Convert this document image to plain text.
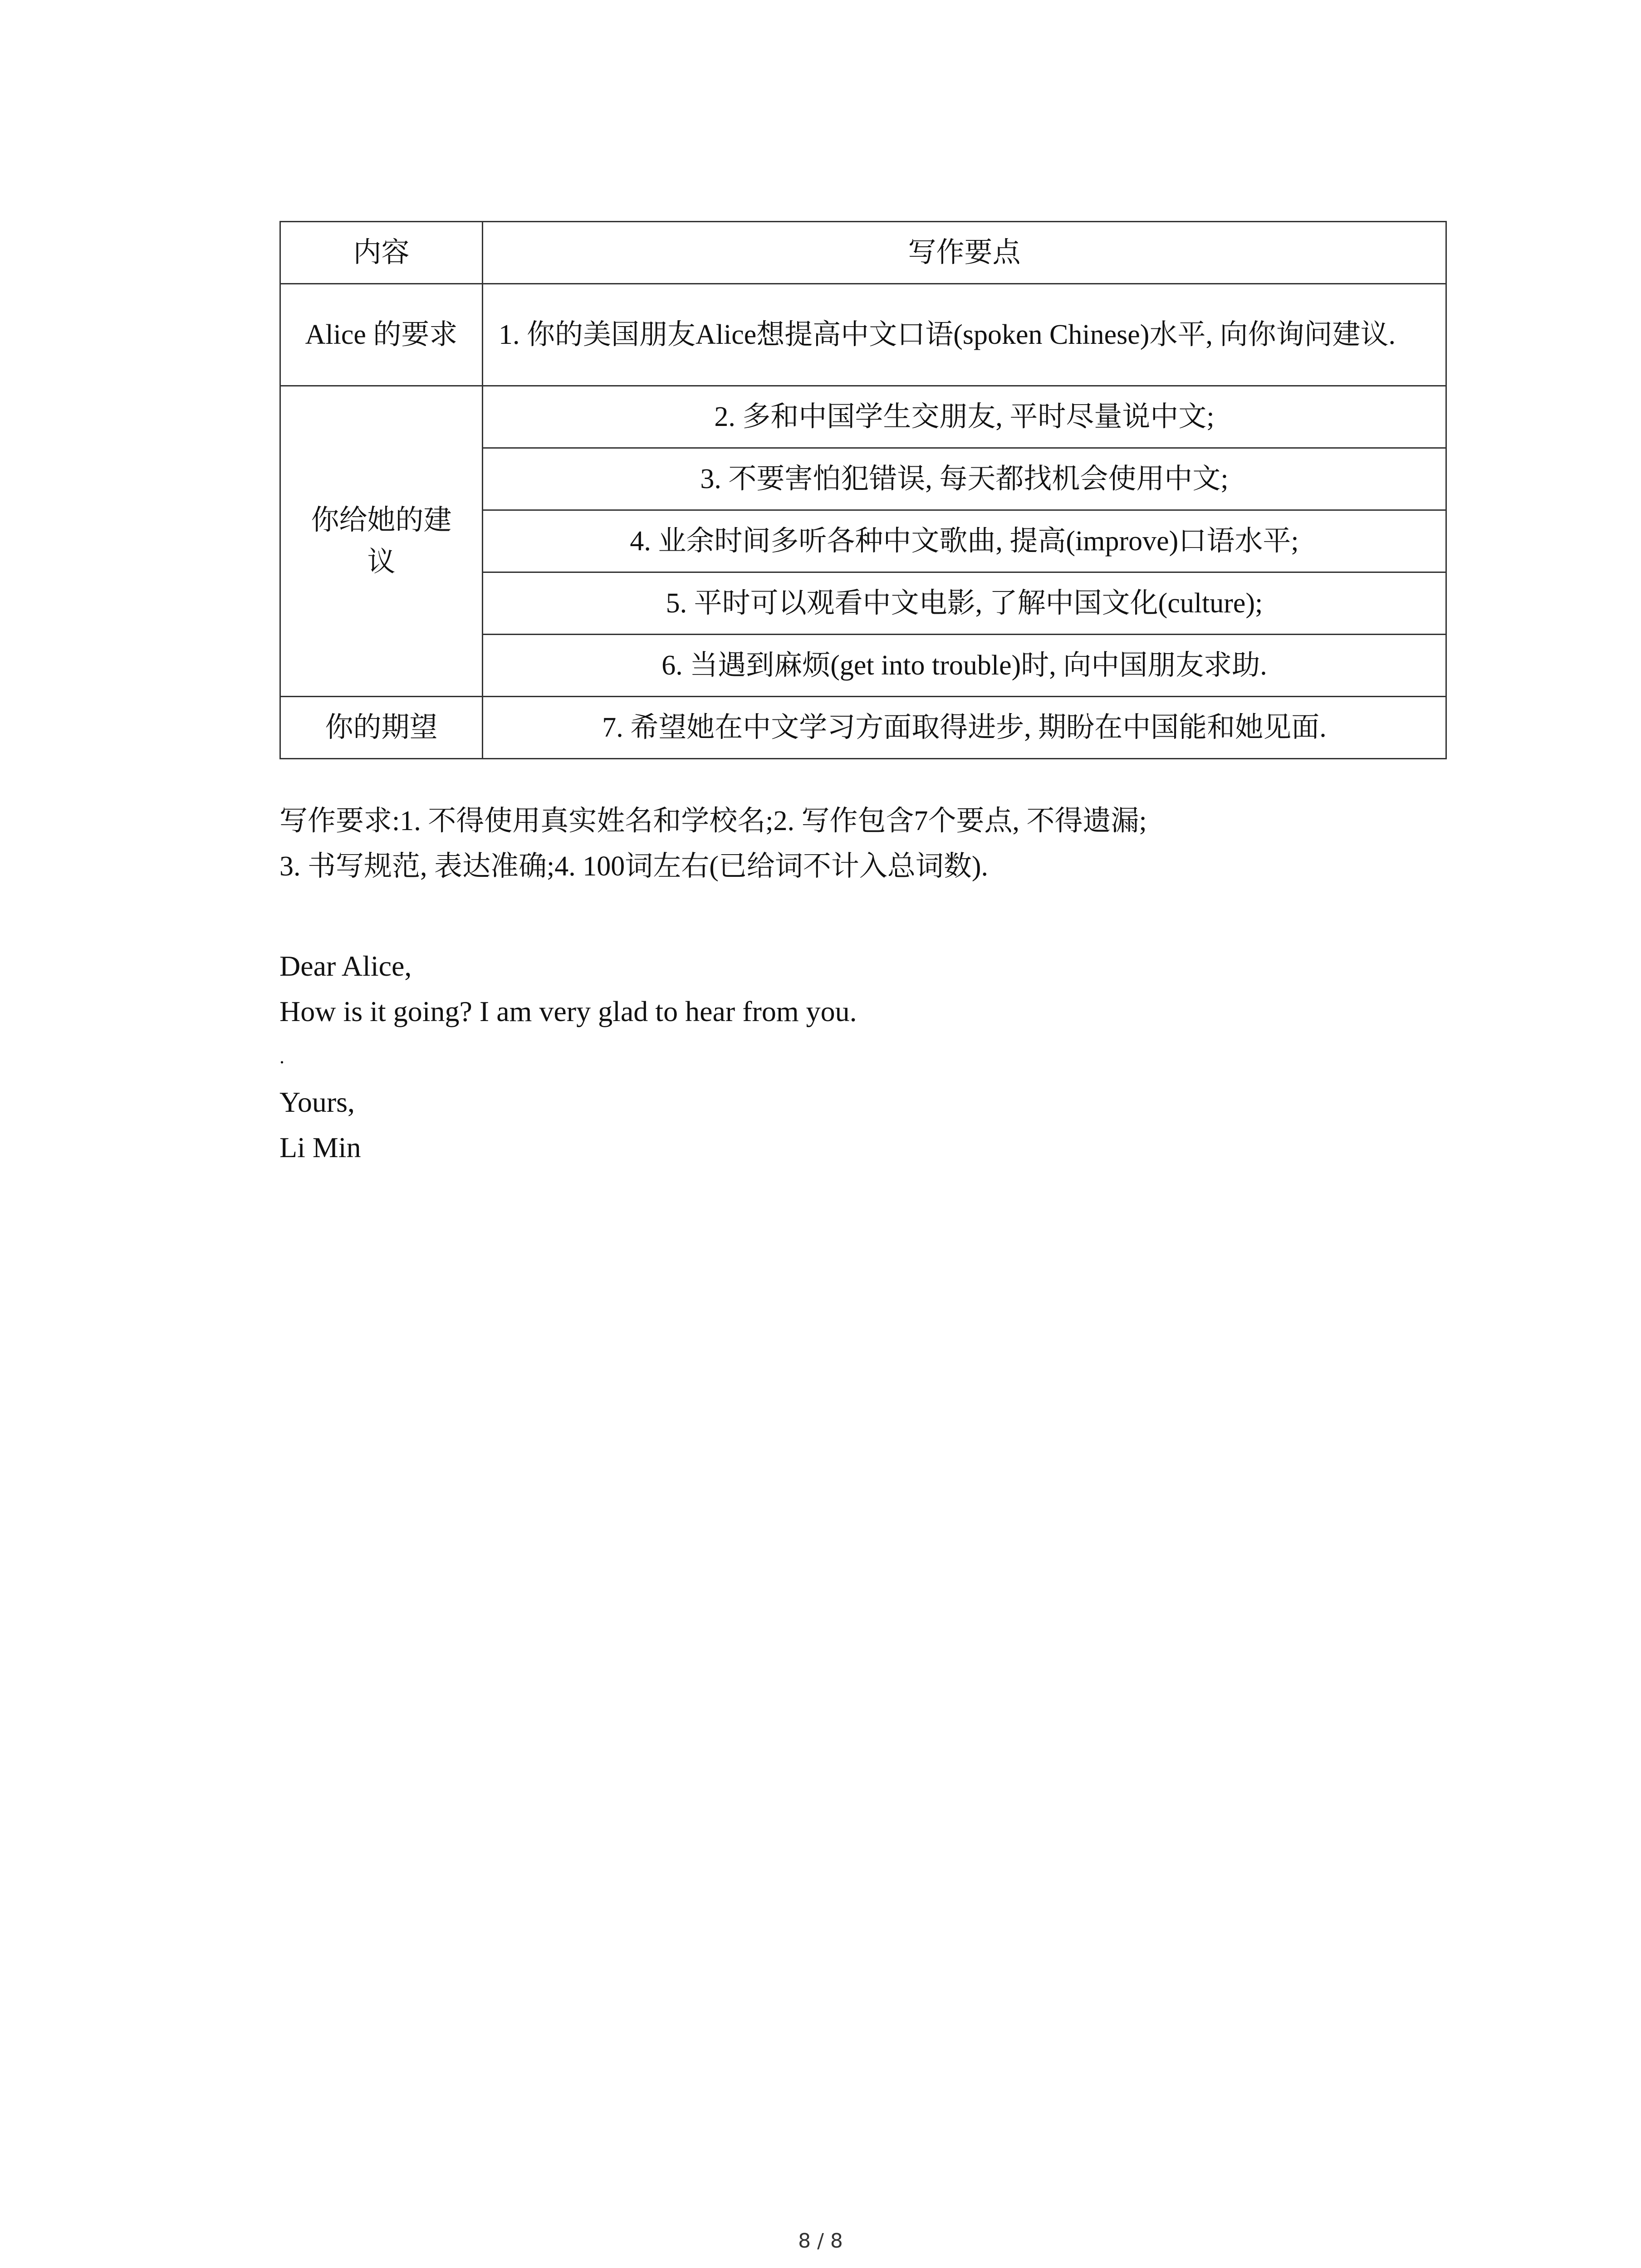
内容	写作要点
Alice 的要求	1. 你的美国朋友Alice想提高中文口语(spoken Chinese)水平, 向你询问建议.
你给她的建议	2. 多和中国学生交朋友, 平时尽量说中文;
	3. 不要害怕犯错误, 每天都找机会使用中文;
	4. 业余时间多听各种中文歌曲, 提高(improve)口语水平;
	5. 平时可以观看中文电影, 了解中国文化(culture);
	6. 当遇到麻烦(get into trouble)时, 向中国朋友求助.
你的期望	7. 希望她在中文学习方面取得进步, 期盼在中国能和她见面.
写作要求:1. 不得使用真实姓名和学校名;2. 写作包含7个要点, 不得遗漏;
3. 书写规范, 表达准确;4. 100词左右(已给词不计入总词数).
Dear Alice,
How is it going? I am very glad to hear from you.
.
Yours,
Li Min
8 / 8
